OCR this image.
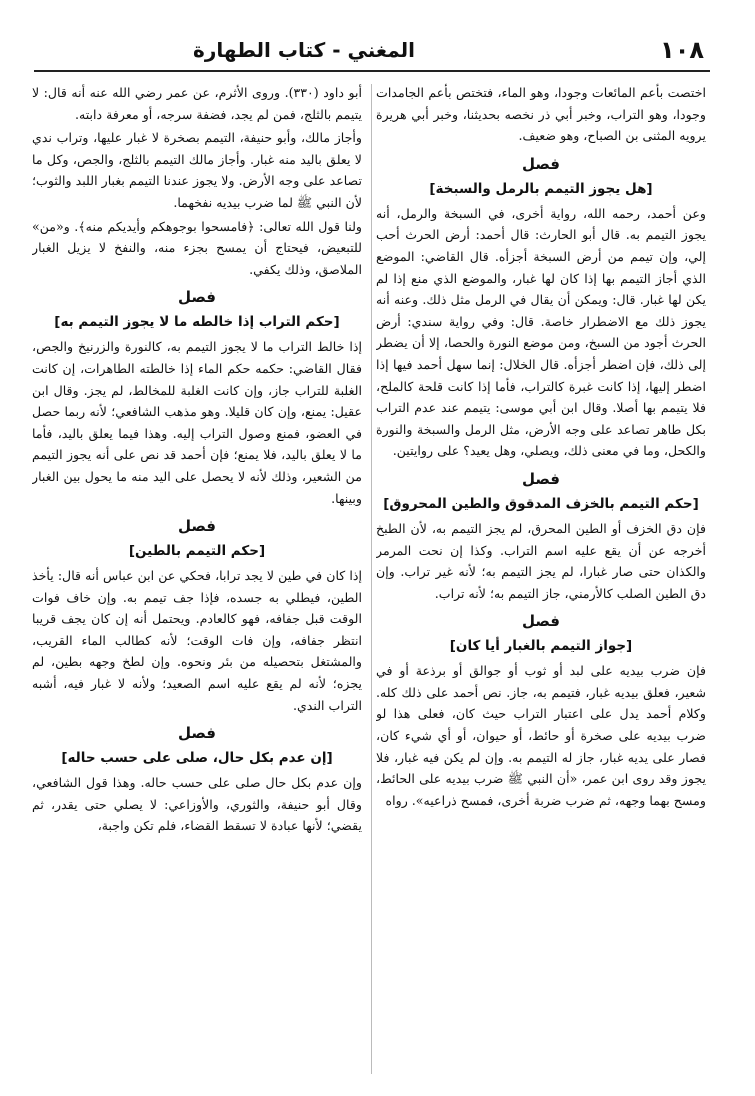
١٠٨
المغني - كتاب الطهارة

اختصت بأعم المائعات وجودا، وهو الماء، فتختص بأعم الجامدات وجودا، وهو التراب، وخبر أبي ذر نخصه بحديثنا، وخبر أبي هريرة يرويه المثنى بن الصباح، وهو ضعيف.

فصل
[هل يجوز التيمم بالرمل والسبخة]

وعن أحمد، رحمه الله، رواية أخرى، في السبخة والرمل، أنه يجوز التيمم به. قال أبو الحارث: قال أحمد: أرض الحرث أحب إلي، وإن تيمم من أرض السبخة أجزأه. قال القاضي: الموضع الذي أجاز التيمم بها إذا كان لها غبار، والموضع الذي منع إذا لم يكن لها غبار. قال: ويمكن أن يقال في الرمل مثل ذلك. وعنه أنه يجوز ذلك مع الاضطرار خاصة. قال: وفي رواية سندي: أرض الحرث أجود من السبخ، ومن موضع النورة والحصا، إلا أن يضطر إلى ذلك، فإن اضطر أجزأه. قال الخلال: إنما سهل أحمد فيها إذا اضطر إليها، إذا كانت غبرة كالتراب، فأما إذا كانت قلحة كالملح، فلا يتيمم بها أصلا. وقال ابن أبي موسى: يتيمم عند عدم التراب بكل طاهر تصاعد على وجه الأرض، مثل الرمل والسبخة والنورة والكحل، وما في معنى ذلك، ويصلي، وهل يعيد؟ على روايتين.

فصل
[حكم التيمم بالخزف المدقوق والطين المحروق]

فإن دق الخزف أو الطين المحرق، لم يجز التيمم به، لأن الطبخ أخرجه عن أن يقع عليه اسم التراب. وكذا إن نحت المرمر والكذان حتى صار غبارا، لم يجز التيمم به؛ لأنه غير تراب. وإن دق الطين الصلب كالأرمني، جاز التيمم به؛ لأنه تراب.

فصل
[جواز التيمم بالغبار أيا كان]

فإن ضرب بيديه على لبد أو ثوب أو جوالق أو برذعة أو في شعير، فعلق بيديه غبار، فتيمم به، جاز. نص أحمد على ذلك كله. وكلام أحمد يدل على اعتبار التراب حيث كان، فعلى هذا لو ضرب بيديه على صخرة أو حائط، أو حيوان، أو أي شيء كان، فصار على يديه غبار، جاز له التيمم به. وإن لم يكن فيه غبار، فلا يجوز وقد روى ابن عمر، «أن النبي ﷺ ضرب بيديه على الحائط، ومسح بهما وجهه، ثم ضرب ضربة أخرى، فمسح ذراعيه». رواه

أبو داود (٣٣٠). وروى الأثرم، عن عمر رضي الله عنه أنه قال: لا يتيمم بالثلج، فمن لم يجد، فضفة سرجه، أو معرفة دابته.

وأجاز مالك، وأبو حنيفة، التيمم بصخرة لا غبار عليها، وتراب ندي لا يعلق باليد منه غبار. وأجاز مالك التيمم بالثلج، والجص، وكل ما تصاعد على وجه الأرض. ولا يجوز عندنا التيمم بغبار اللبد والثوب؛ لأن النبي ﷺ لما ضرب بيديه نفخهما.

ولنا قول الله تعالى: ﴿فامسحوا بوجوهكم وأيديكم منه﴾. و«من» للتبعيض، فيحتاج أن يمسح بجزء منه، والنفخ لا يزيل الغبار الملاصق، وذلك يكفي.

فصل
[حكم التراب إذا خالطه ما لا يجوز التيمم به]

إذا خالط التراب ما لا يجوز التيمم به، كالنورة والزرنيخ والجص، فقال القاضي: حكمه حكم الماء إذا خالطته الطاهرات، إن كانت الغلبة للتراب جاز، وإن كانت الغلبة للمخالط، لم يجز. وقال ابن عقيل: يمنع، وإن كان قليلا. وهو مذهب الشافعي؛ لأنه ربما حصل في العضو، فمنع وصول التراب إليه. وهذا فيما يعلق باليد، فأما ما لا يعلق باليد، فلا يمنع؛ فإن أحمد قد نص على أنه يجوز التيمم من الشعير، وذلك لأنه لا يحصل على اليد منه ما يحول بين الغبار وبينها.

فصل
[حكم التيمم بالطين]

إذا كان في طين لا يجد ترابا، فحكي عن ابن عباس أنه قال: يأخذ الطين، فيطلي به جسده، فإذا جف تيمم به. وإن خاف فوات الوقت قبل جفافه، فهو كالعادم. ويحتمل أنه إن كان يجف قريبا انتظر جفافه، وإن فات الوقت؛ لأنه كطالب الماء القريب، والمشتغل بتحصيله من بئر ونحوه. وإن لطخ وجهه بطين، لم يجزه؛ لأنه لم يقع عليه اسم الصعيد؛ ولأنه لا غبار فيه، أشبه التراب الندي.

فصل
[إن عدم بكل حال، صلى على حسب حاله]

وإن عدم بكل حال صلى على حسب حاله. وهذا قول الشافعي، وقال أبو حنيفة، والثوري، والأوزاعي: لا يصلي حتى يقدر، ثم يقضي؛ لأنها عبادة لا تسقط القضاء، فلم تكن واجبة،
